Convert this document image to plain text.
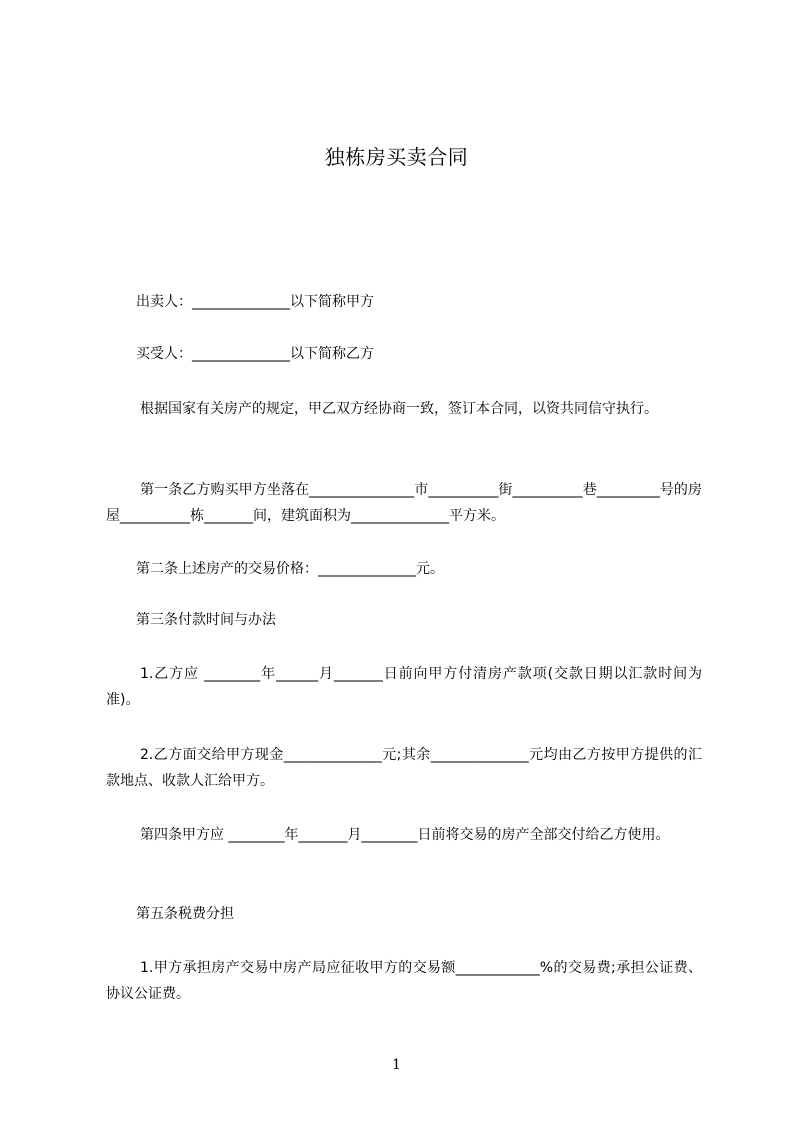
独栋房买卖合同
出卖人：______________以下简称甲方
买受人：______________以下简称乙方
根据国家有关房产的规定，甲乙双方经协商一致，签订本合同，以资共同信守执行。
第一条乙方购买甲方坐落在_______________市__________街__________巷_________号的房屋__________栋_______间，建筑面积为______________平方米。
第二条上述房产的交易价格：______________元。
第三条付款时间与办法
1.乙方应 ________年______月_______日前向甲方付清房产款项(交款日期以汇款时间为准)。
2.乙方面交给甲方现金______________元;其余______________元均由乙方按甲方提供的汇款地点、收款人汇给甲方。
第四条甲方应 ________年_______月________日前将交易的房产全部交付给乙方使用。
第五条税费分担
1.甲方承担房产交易中房产局应征收甲方的交易额____________%的交易费;承担公证费、协议公证费。
1
